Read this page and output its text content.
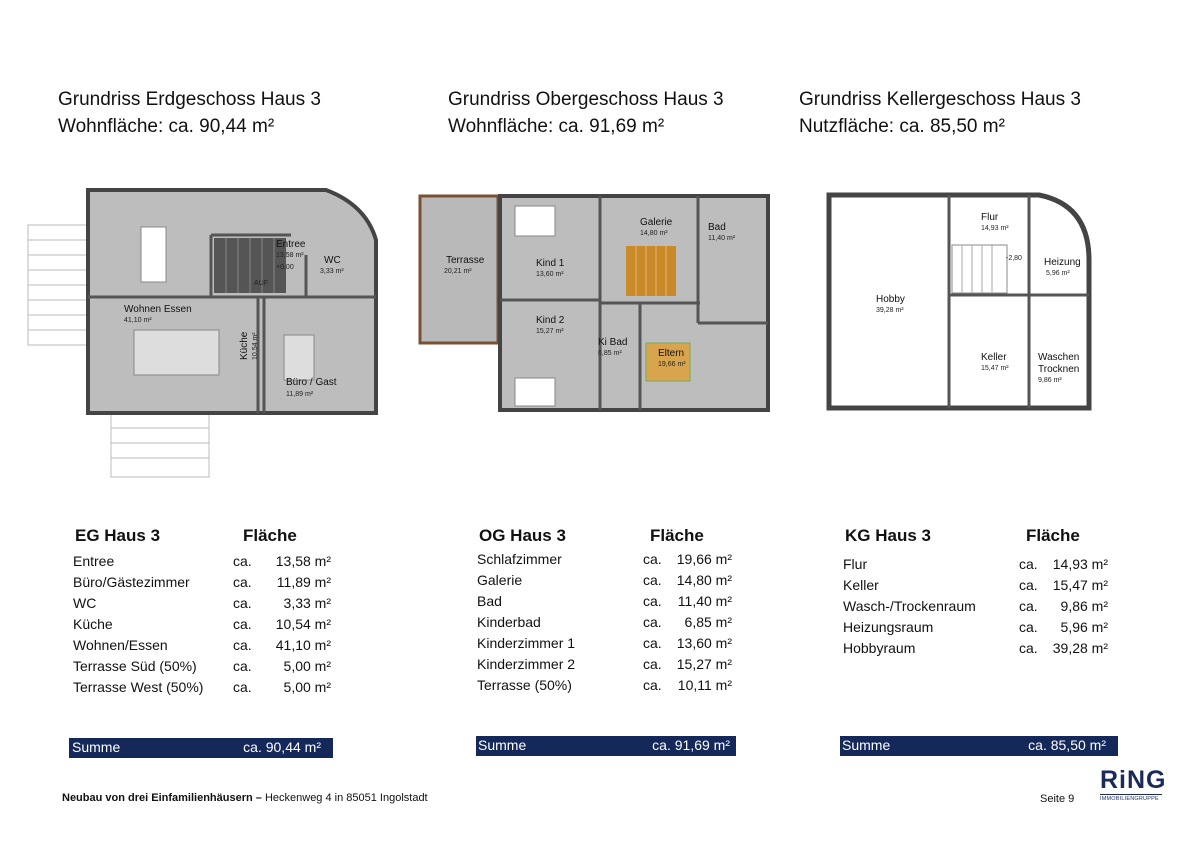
Grundriss Erdgeschoss Haus 3
Wohnfläche: ca. 90,44 m²
Grundriss Obergeschoss Haus 3
Wohnfläche: ca. 91,69 m²
Grundriss Kellergeschoss Haus 3
Nutzfläche: ca. 85,50 m²
Entree
13,58 m²
+0,00
AUF
WC
3,33 m²
Wohnen Essen
41,10 m²
Küche 10,54 m²
Büro / Gast
11,89 m²
Terrasse
20,21 m²
Kind 1
13,60 m²
Galerie
14,80 m²
Bad
11,40 m²
Kind 2
15,27 m²
Ki Bad
6,85 m²	Eltern
19,66 m²
Flur
14,93 m²
-2,80 Heizung
5,96 m²
Hobby
39,28 m²
Keller
15,47 m²
Waschen
Trocknen
9,86 m²
EG Haus 3	Fläche
Entree	ca.	13,58 m²
Büro/Gästezimmer	ca.	11,89 m²
WC	ca.	3,33 m²
Küche	ca.	10,54 m²
Wohnen/Essen	ca.	41,10 m²
Terrasse Süd (50%)	ca.	5,00 m²
Terrasse West (50%) ca.	5,00 m²
Summe	ca. 90,44 m²
OG Haus 3	Fläche
Schlafzimmer	ca.	19,66 m²
Galerie	ca.	14,80 m²
Bad	ca.	11,40 m²
Kinderbad	ca.	6,85 m²
Kinderzimmer 1	ca.	13,60 m²
Kinderzimmer 2	ca.	15,27 m²
Terrasse (50%)	ca.	10,11 m²
Summe	ca. 91,69 m²
KG Haus 3	Fläche
Flur	ca.	14,93 m²
Keller	ca.	15,47 m²
Wasch-/Trockenraum	ca.	9,86 m²
Heizungsraum	ca.	5,96 m²
Hobbyraum	ca.	39,28 m²
Summe	ca. 85,50 m²
Neubau von drei Einfamilienhäusern – Heckenweg 4 in 85051 Ingolstadt	Seite 9
RiNG
IMMOBILIENGRUPPE
